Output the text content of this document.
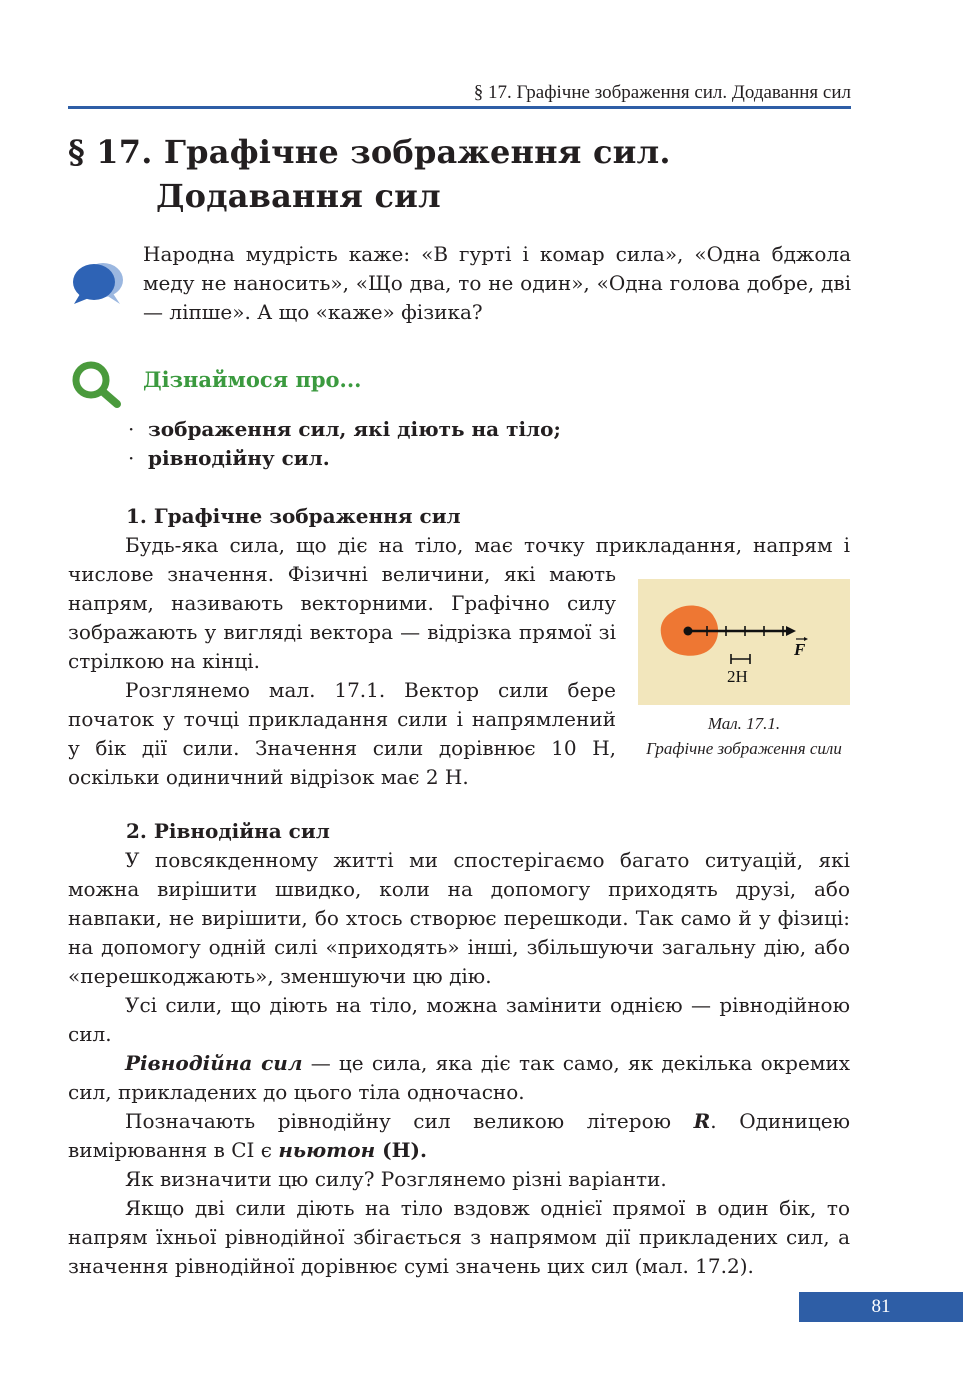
§ 17. Графічне зображення сил. Додавання сил
§ 17. Графічне зображення сил.
Додавання сил

Народна мудрість каже: «В гурті і комар сила», «Одна бджола меду не наносить», «Що два, то не один», «Одна голова добре, дві — ліпше». А що «каже» фізика?

Дізнаймося про...
· зображення сил, які діють на тіло;
· рівнодійну сил.
1. Графічне зображення сил

Будь-яка сила, що діє на тіло, має точку прикладання, напрям і

числове значення. Фізичні величини, які мають напрям, називають векторними. Графічно силу зображають у вигляді вектора — відрізка прямої зі стрілкою на кінці.

Розглянемо мал. 17.1. Вектор сили бере початок у точці прикладання сили і напрямлений у бік дії сили. Значення сили дорівнює 10 Н, оскільки одиничний відрізок має 2 Н.

F
2Н

Мал. 17.1.
Графічне зображення сили

2. Рівнодійна сил

У повсякденному житті ми спостерігаємо багато ситуацій, які можна вирішити швидко, коли на допомогу приходять друзі, або навпаки, не вирішити, бо хтось створює перешкоди. Так само й у фізиці: на допомогу одній силі «приходять» інші, збільшуючи загальну дію, або «перешкоджають», зменшуючи цю дію.

Усі сили, що діють на тіло, можна замінити однією — рівнодійною сил.

Рівнодійна сил — це сила, яка діє так само, як декілька окремих сил, прикладених до цього тіла одночасно.

Позначають рівнодійну сил великою літерою R. Одиницею вимірювання в СІ є ньютон (Н).

Як визначити цю силу? Розглянемо різні варіанти.

Якщо дві сили діють на тіло вздовж однієї прямої в один бік, то напрям їхньої рівнодійної збігається з напрямом дії прикладених сил, а значення рівнодійної дорівнює сумі значень цих сил (мал. 17.2).

81
